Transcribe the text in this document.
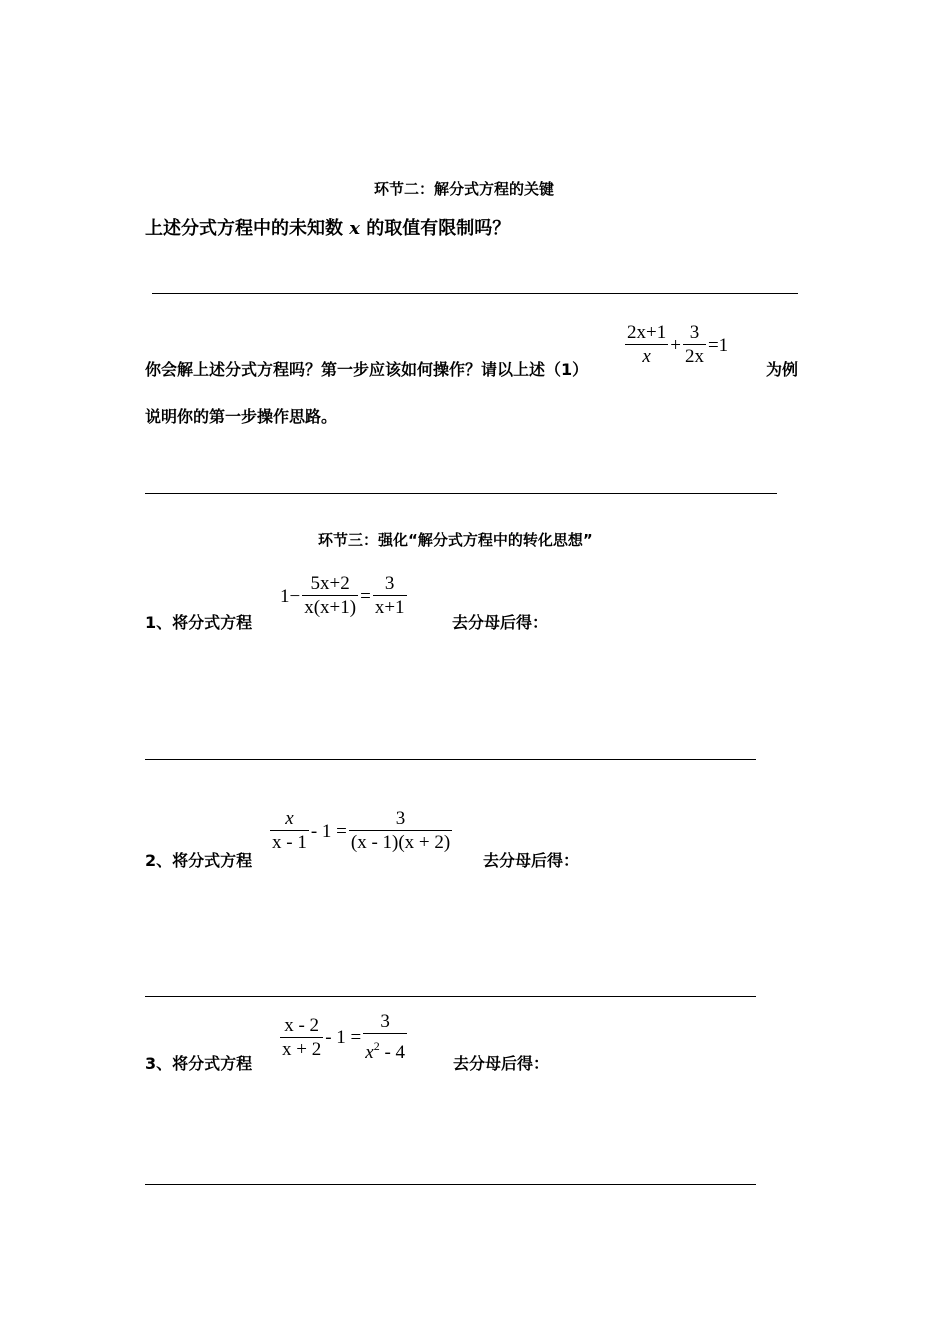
环节二：解分式方程的关键
上述分式方程中的未知数 x 的取值有限制吗？
你会解上述分式方程吗？第一步应该如何操作？请以上述（1）
$\frac{2x+1}{x} + \frac{3}{2x} =1$
为例
说明你的第一步操作思路。
环节三：强化“解分式方程中的转化思想”
1、将分式方程
$1- \frac{5x+2}{x(x+1)} = \frac{3}{x+1}$
去分母后得：
2、将分式方程
$\frac{x}{x - 1} - 1 = \frac{3}{(x - 1)(x + 2)}$
去分母后得：
3、将分式方程
$\frac{x - 2}{x + 2} - 1 = \frac{3}{x^2 - 4}$	去分母后得：
